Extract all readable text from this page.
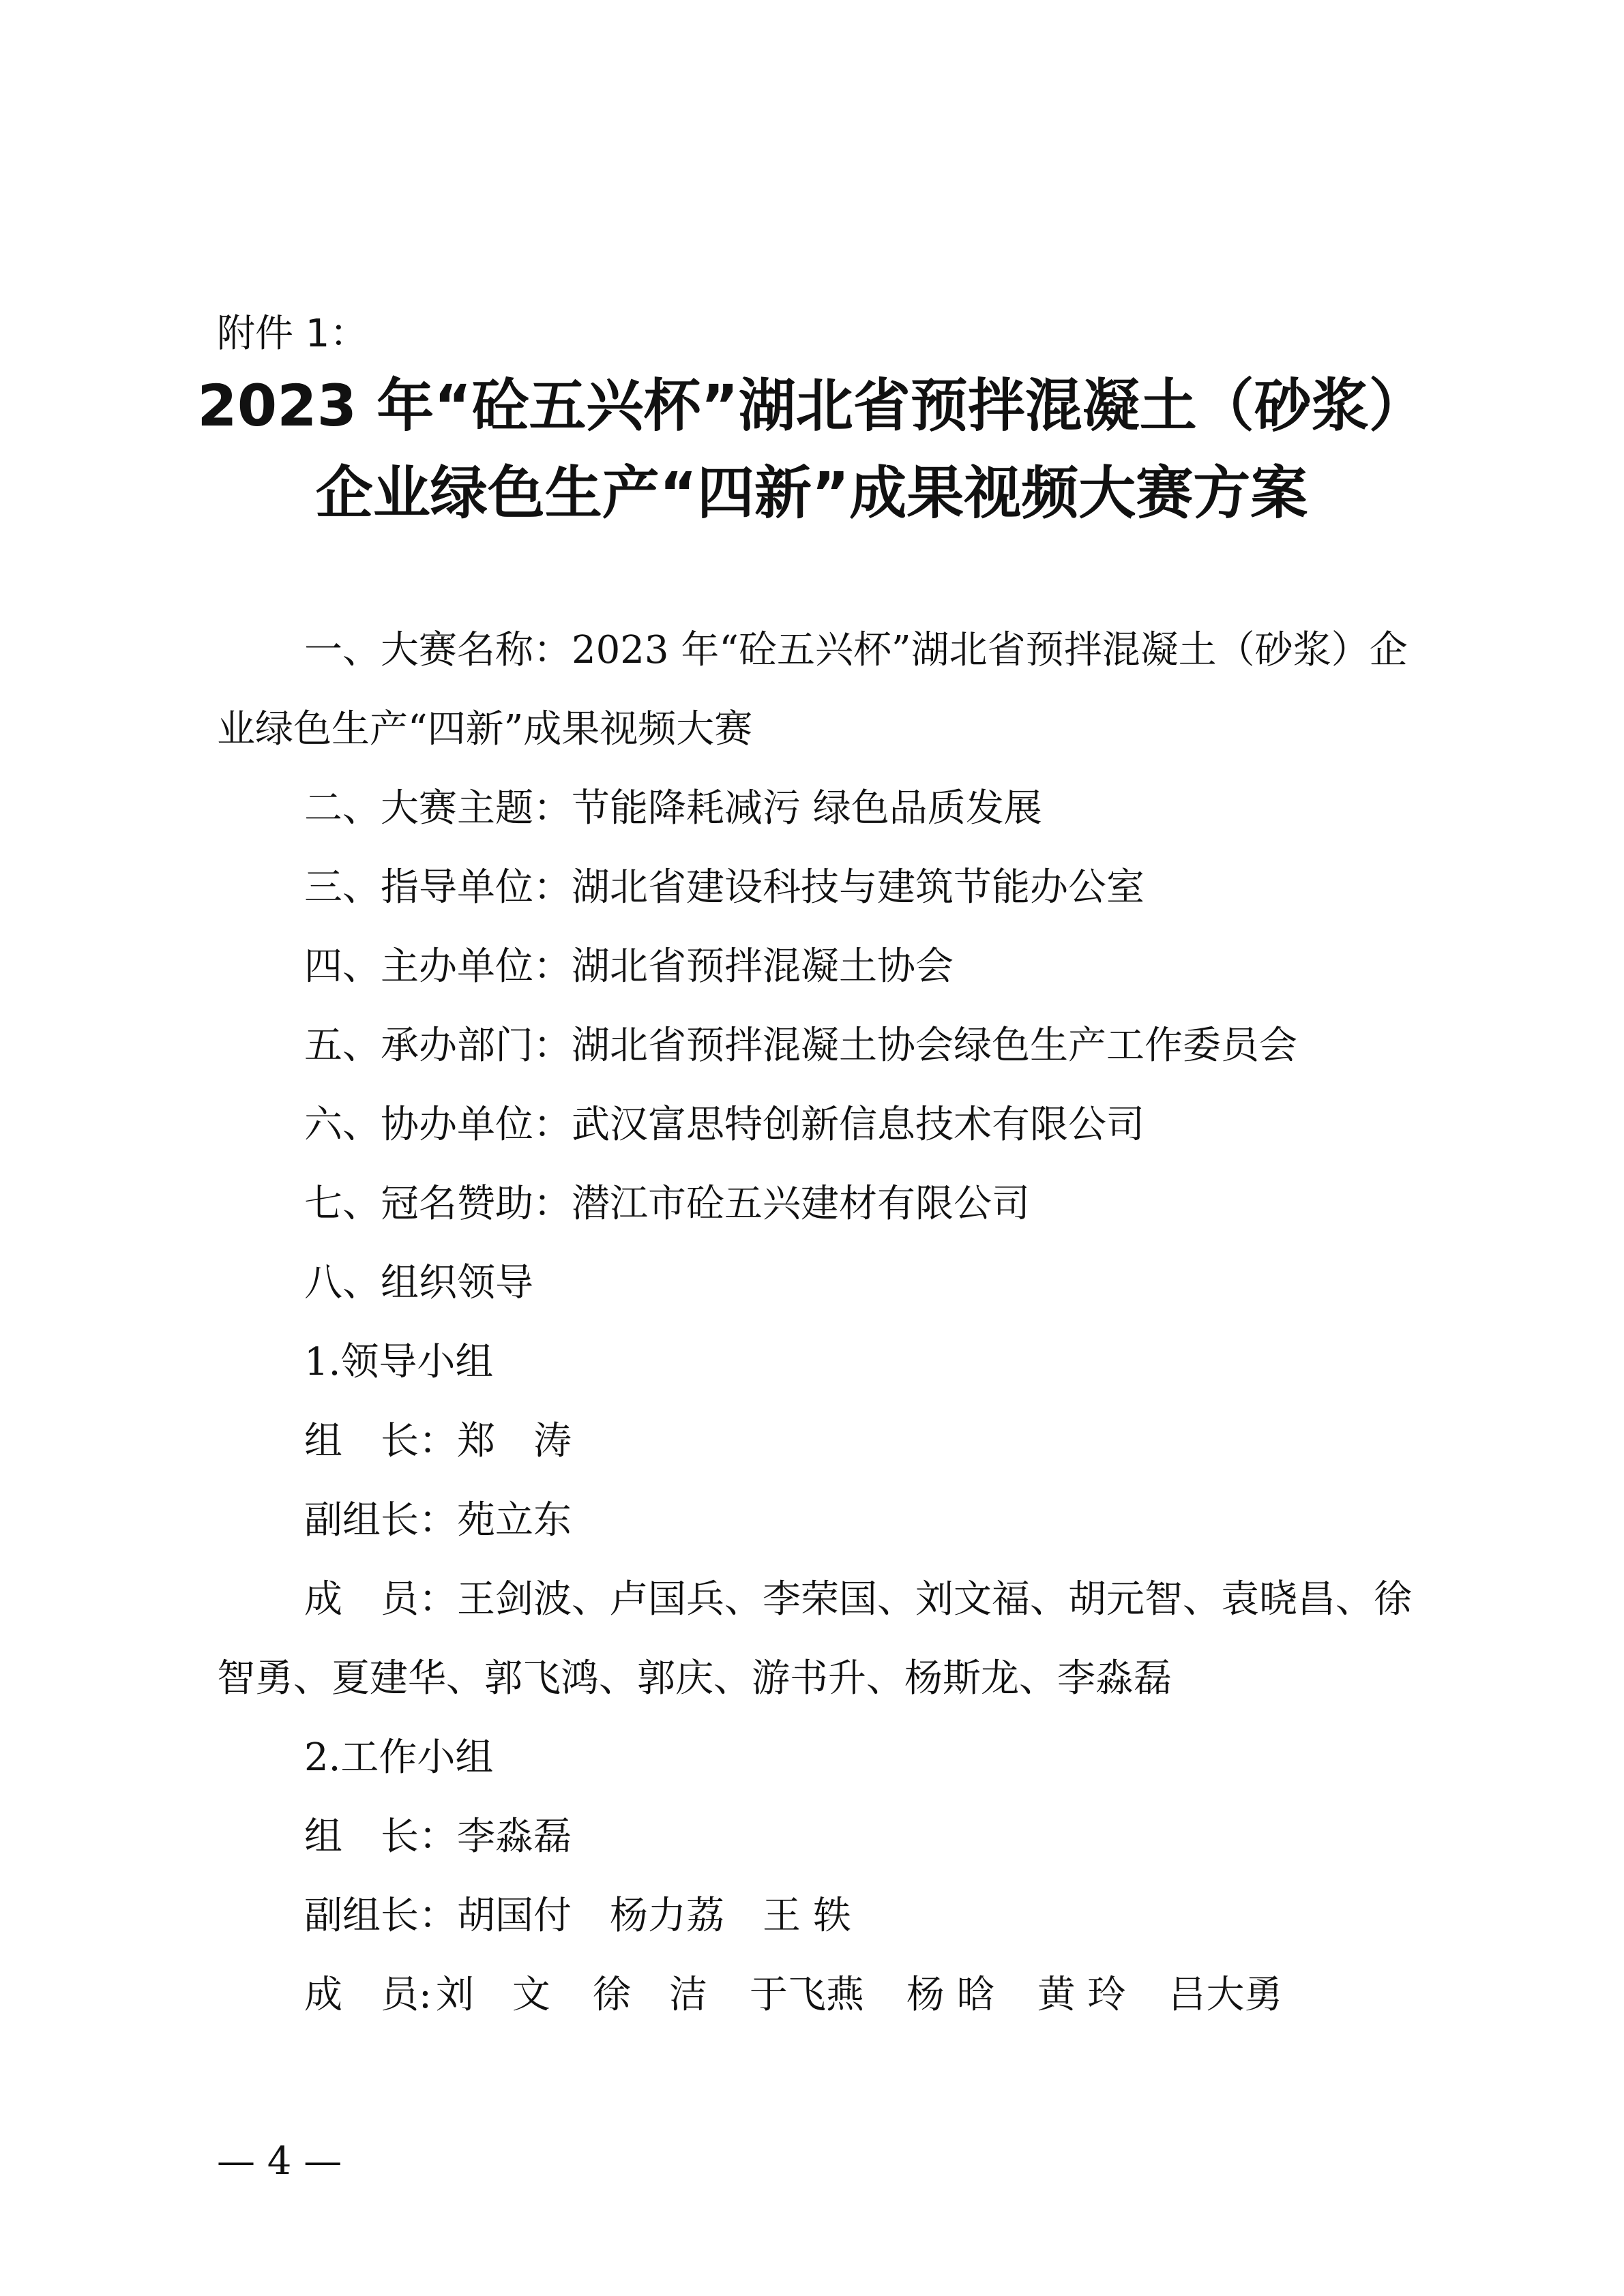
附件 1：
2023 年“砼五兴杯”湖北省预拌混凝土（砂浆）
企业绿色生产“四新”成果视频大赛方案

一、大赛名称：2023 年“砼五兴杯”湖北省预拌混凝土（砂浆）企业绿色生产“四新”成果视频大赛

二、大赛主题：节能降耗减污 绿色品质发展

三、指导单位：湖北省建设科技与建筑节能办公室

四、主办单位：湖北省预拌混凝土协会

五、承办部门：湖北省预拌混凝土协会绿色生产工作委员会

六、协办单位：武汉富思特创新信息技术有限公司

七、冠名赞助：潜江市砼五兴建材有限公司

八、组织领导

1.领导小组

组　长：郑　涛

副组长：苑立东

成　员：王剑波、卢国兵、李荣国、刘文福、胡元智、袁晓昌、徐智勇、夏建华、郭飞鸿、郭庆、游书升、杨斯龙、李淼磊

2.工作小组

组　长：李淼磊

副组长：胡国付　杨力荔　王 轶

成　员: 刘　文 徐　洁 于飞燕 杨 晗 黄 玲 吕大勇
— 4 —
